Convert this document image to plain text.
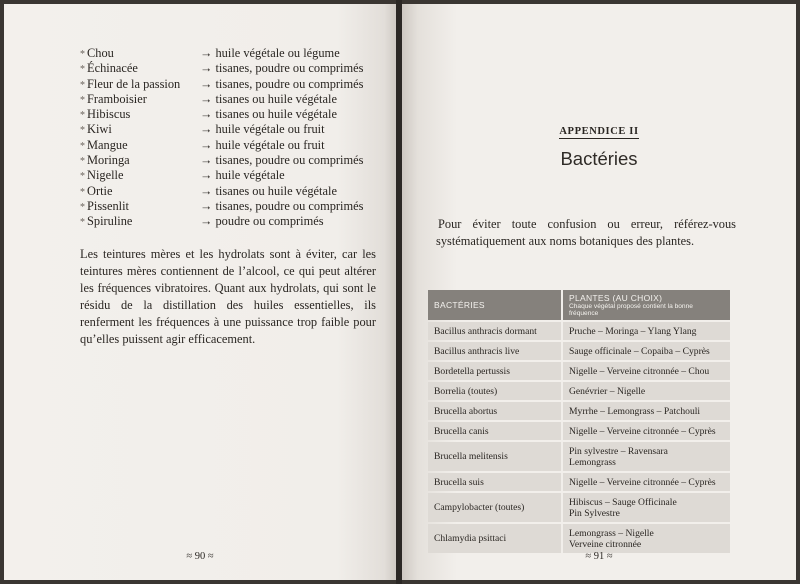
* Chou	→ huile végétale ou légume
* Échinacée	→ tisanes, poudre ou comprimés
* Fleur de la passion	→ tisanes, poudre ou comprimés
* Framboisier	→ tisanes ou huile végétale
* Hibiscus	→ tisanes ou huile végétale
* Kiwi	→ huile végétale ou fruit
* Mangue	→ huile végétale ou fruit
* Moringa	→ tisanes, poudre ou comprimés
* Nigelle	→ huile végétale
* Ortie	→ tisanes ou huile végétale
* Pissenlit	→ tisanes, poudre ou comprimés
* Spiruline	→ poudre ou comprimés

Les teintures mères et les hydrolats sont à éviter, car les teintures mères contiennent de l’alcool, ce qui peut altérer les fréquences vibratoires. Quant aux hydrolats, qui sont le résidu de la distillation des huiles essentielles, ils renferment les fréquences à une puissance trop faible pour qu’elles puissent agir efficacement.

≈ 90 ≈
APPENDICE II
Bactéries

Pour éviter toute confusion ou erreur, référez-vous systématiquement aux noms botaniques des plantes.

BACTÉRIES	PLANTES (AU CHOIX)
Chaque végétal proposé contient la bonne fréquence

Bacillus anthracis dormant	Pruche – Moringa – Ylang Ylang
Bacillus anthracis live	Sauge officinale – Copaiba – Cyprès
Bordetella pertussis	Nigelle – Verveine citronnée – Chou
Borrelia (toutes)	Genévrier – Nigelle
Brucella abortus	Myrrhe – Lemongrass – Patchouli
Brucella canis	Nigelle – Verveine citronnée – Cyprès
Brucella melitensis	Pin sylvestre – Ravensara
Lemongrass
Brucella suis	Nigelle – Verveine citronnée – Cyprès
Campylobacter (toutes)	Hibiscus – Sauge Officinale
Pin Sylvestre
Chlamydia psittaci	Lemongrass – Nigelle
Verveine citronnée
≈ 91 ≈
